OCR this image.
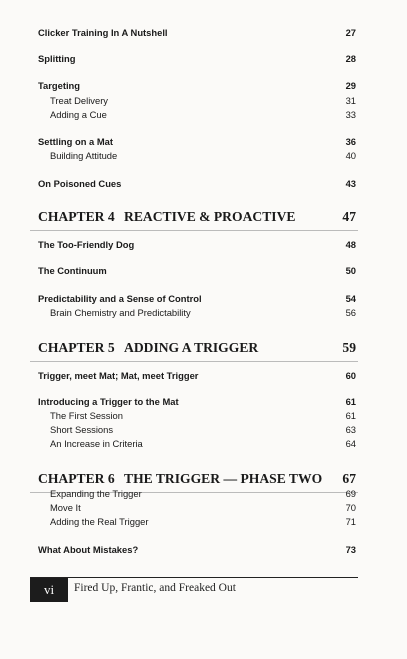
Clicker Training In A Nutshell	27
Splitting	28
Targeting	29
Treat Delivery	31
Adding a Cue	33
Settling on a Mat	36
Building Attitude	40
On Poisoned Cues	43
CHAPTER 4 REACTIVE & PROACTIVE	47
The Too-Friendly Dog	48
The Continuum	50
Predictability and a Sense of Control	54
Brain Chemistry and Predictability	56
CHAPTER 5 ADDING A TRIGGER	59
Trigger, meet Mat; Mat, meet Trigger	60
Introducing a Trigger to the Mat	61
The First Session	61
Short Sessions	63
An Increase in Criteria	64
CHAPTER 6 THE TRIGGER — PHASE TWO	67
Expanding the Trigger	69
Move It	70
Adding the Real Trigger	71
What About Mistakes?	73
vi	Fired Up, Frantic, and Freaked Out
